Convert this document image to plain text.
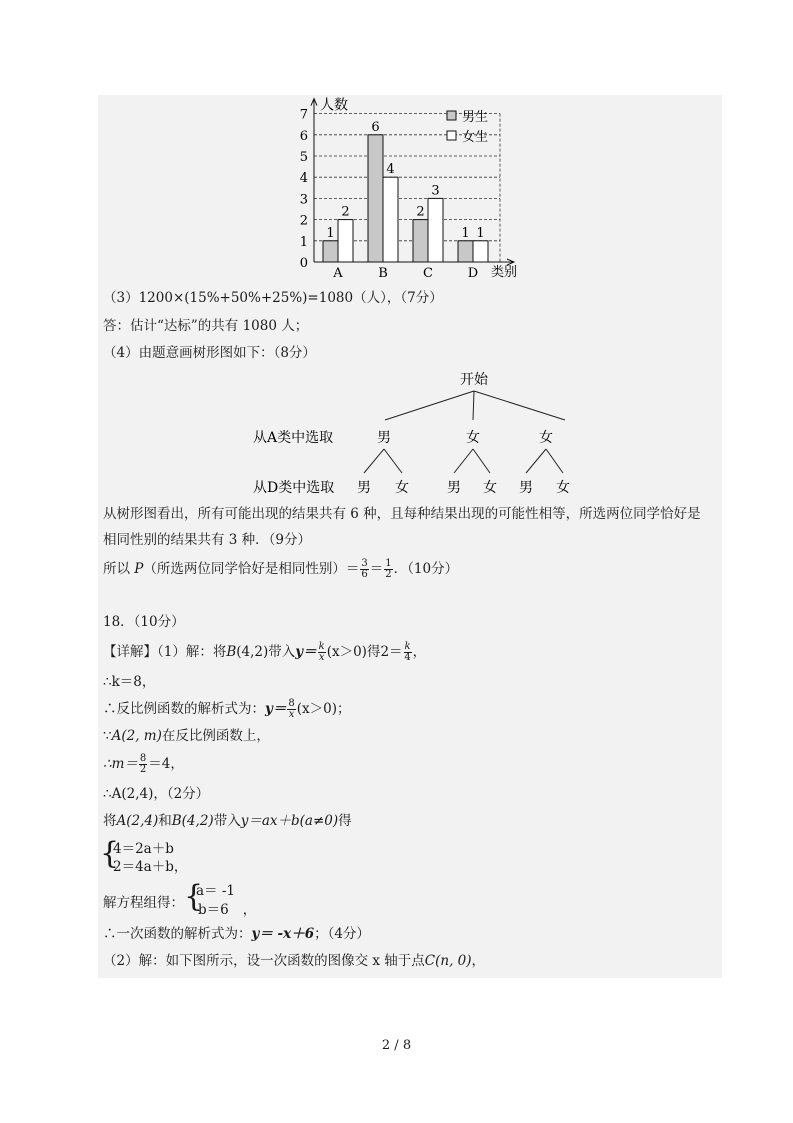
0
1
2
3
4
5
6
7
人数
类别
1
2
A
6
4
B
2
3
C
1 1
D
男生
女生
（3）1200×(15%+50%+25%)=1080（人），（7分）
答：估计“达标”的共有 1080 人；
（4）由题意画树形图如下：（8分）
开始
从A类中选取	男	女	女
从D类中选取 男 女	男 女 男 女
从树形图看出，所有可能出现的结果共有 6 种，且每种结果出现的可能性相等，所选两位同学恰好是
相同性别的结果共有 3 种．（9分）
所以 P（所选两位同学恰好是相同性别）＝ $\frac{3}{6} = \frac{1}{2}$ ．（10分）
18．（10分）
【详解】（1）解：将B(4,2)带入$y= \frac{k}{x} (x>0)$得$2= \frac{k}{4}$ ，
∴k＝8，
∴反比例函数的解析式为：$y= \frac{8}{x} (x>0)$；
∵A(2, m)在反比例函数上，
∴m＝ $\frac{8}{2} =4$，
∴A(2,4)，（2分）
将A(2,4)和B(4,2)带入y＝ax＋b(a≠0)得
{
4＝2a＋b
2＝4a＋b，
解方程组得： {
a＝ -1
b＝6 ，
∴一次函数的解析式为：y＝ -x＋6；（4分）
（2）解：如下图所示，设一次函数的图像交 x 轴于点C(n, 0)，
2 / 8
